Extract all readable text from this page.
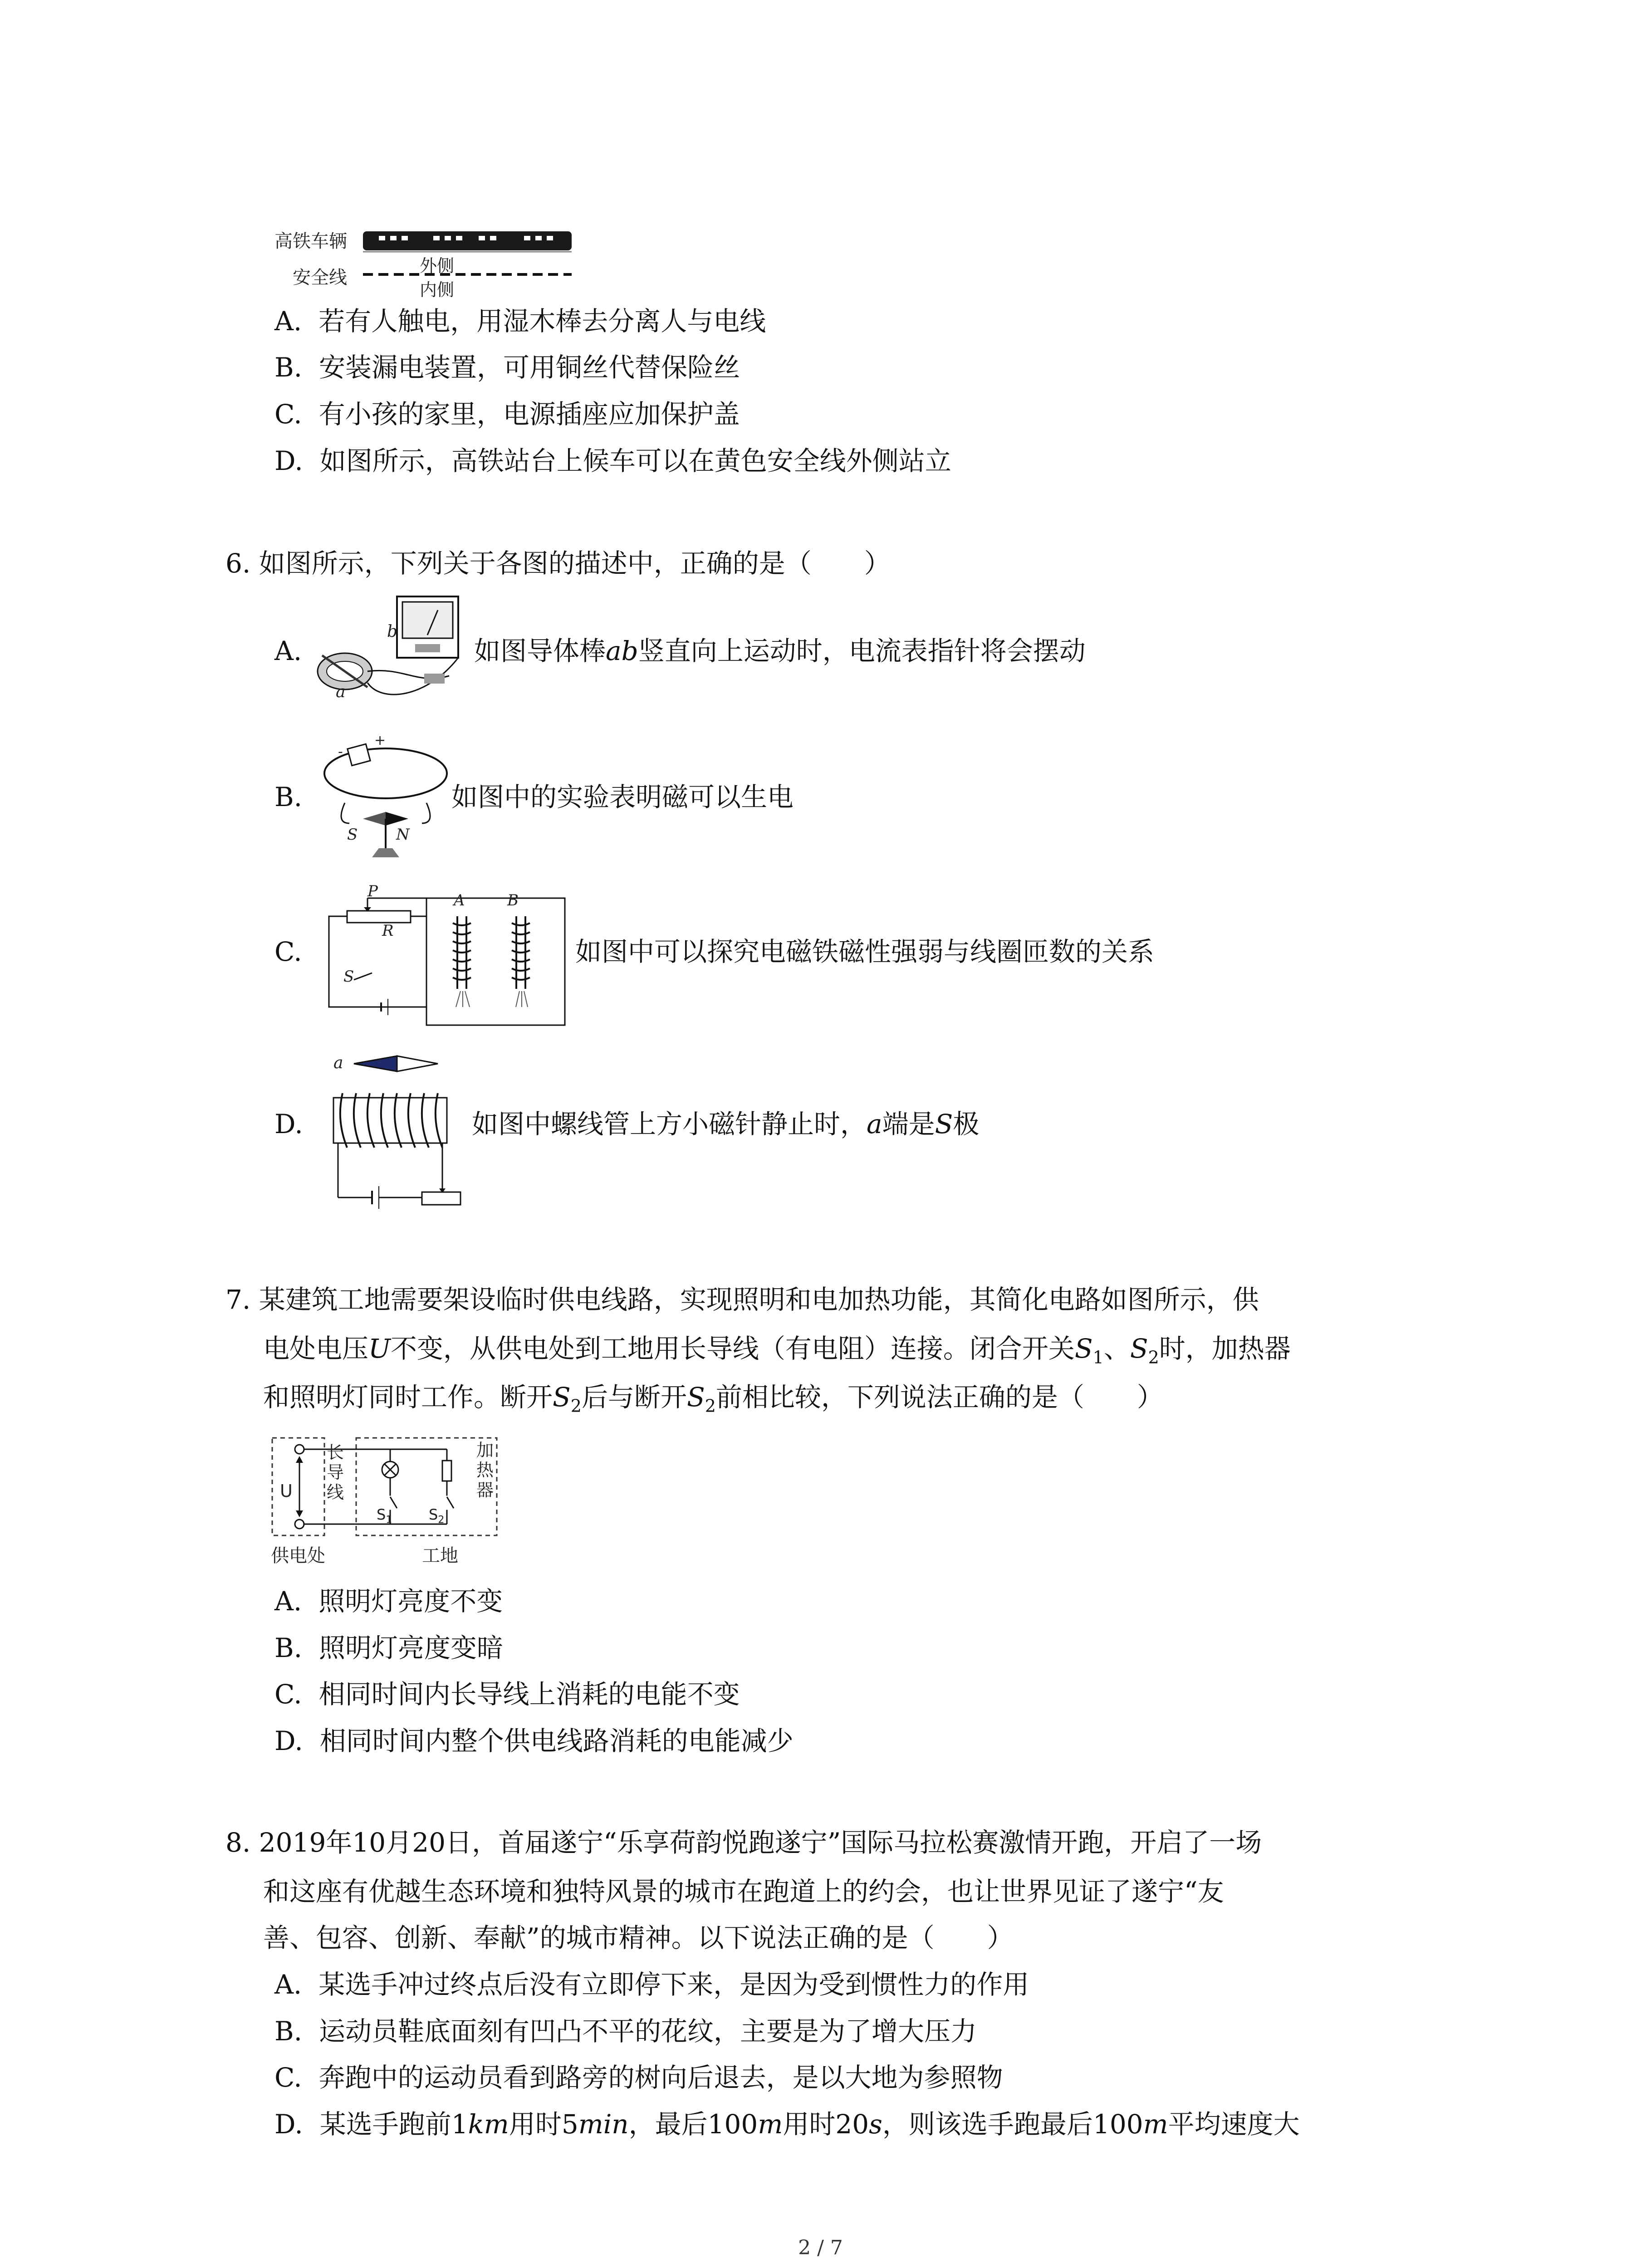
高铁车辆
外侧
安全线
内侧
A. 若有人触电，用湿木棒去分离人与电线
B. 安装漏电装置，可用铜丝代替保险丝
C. 有小孩的家里，电源插座应加保护盖
D. 如图所示，高铁站台上候车可以在黄色安全线外侧站立
6. 如图所示，下列关于各图的描述中，正确的是（　　）
A.
b
a
如图导体棒ab竖直向上运动时，电流表指针将会摆动
B.
-
+
S N
如图中的实验表明磁可以生电
C.
P
R
A	B
S
如图中可以探究电磁铁磁性强弱与线圈匝数的关系
D.
a
如图中螺线管上方小磁针静止时，a端是S极
7. 某建筑工地需要架设临时供电线路，实现照明和电加热功能，其简化电路如图所示，供
电处电压U不变，从供电处到工地用长导线（有电阻）连接。闭合开关$S_1$、$S_2$时，加热器
和照明灯同时工作。断开$S_2$后与断开$S_2$前相比较，下列说法正确的是（　　）
U
长导线
加热器
$S_1$	$S_2$
供电处	工地
A. 照明灯亮度不变
B. 照明灯亮度变暗
C. 相同时间内长导线上消耗的电能不变
D. 相同时间内整个供电线路消耗的电能减少
8. 2019年10月20日，首届遂宁“乐享荷韵悦跑遂宁”国际马拉松赛激情开跑，开启了一场
和这座有优越生态环境和独特风景的城市在跑道上的约会，也让世界见证了遂宁“友
善、包容、创新、奉献”的城市精神。以下说法正确的是（　　）
A. 某选手冲过终点后没有立即停下来，是因为受到惯性力的作用
B. 运动员鞋底面刻有凹凸不平的花纹，主要是为了增大压力
C. 奔跑中的运动员看到路旁的树向后退去，是以大地为参照物
D. 某选手跑前1km用时5min，最后100m用时20s，则该选手跑最后100m平均速度大
2 / 7
